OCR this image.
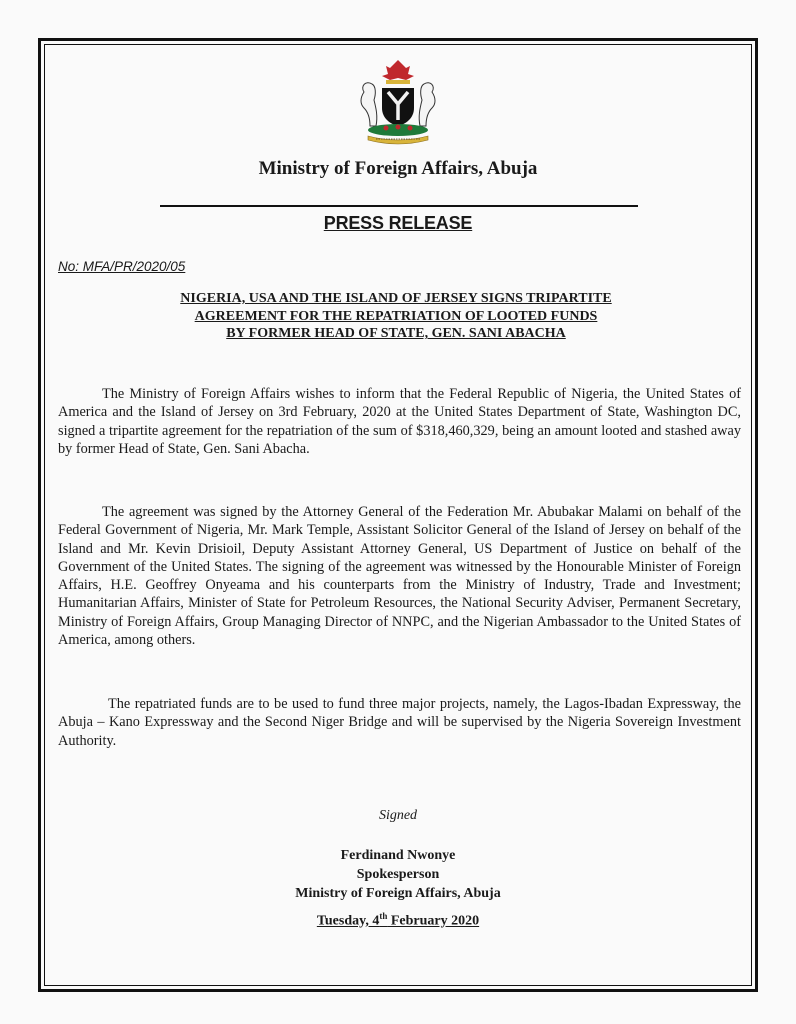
Ministry of Foreign Affairs, Abuja
PRESS RELEASE
No: MFA/PR/2020/05
NIGERIA, USA AND THE ISLAND OF JERSEY SIGNS TRIPARTITE
AGREEMENT FOR THE REPATRIATION OF LOOTED FUNDS
BY FORMER HEAD OF STATE, GEN. SANI ABACHA

The Ministry of Foreign Affairs wishes to inform that the Federal Republic of Nigeria, the United States of America and the Island of Jersey on 3rd February, 2020 at the United States Department of State, Washington DC, signed a tripartite agreement for the repatriation of the sum of $318,460,329, being an amount looted and stashed away by former Head of State, Gen. Sani Abacha.

The agreement was signed by the Attorney General of the Federation Mr. Abubakar Malami on behalf of the Federal Government of Nigeria, Mr. Mark Temple, Assistant Solicitor General of the Island of Jersey on behalf of the Island and Mr. Kevin Drisioil, Deputy Assistant Attorney General, US Department of Justice on behalf of the Government of the United States. The signing of the agreement was witnessed by the Honourable Minister of Foreign Affairs, H.E. Geoffrey Onyeama and his counterparts from the Ministry of Industry, Trade and Investment; Humanitarian Affairs, Minister of State for Petroleum Resources, the National Security Adviser, Permanent Secretary, Ministry of Foreign Affairs, Group Managing Director of NNPC, and the Nigerian Ambassador to the United States of America, among others.

The repatriated funds are to be used to fund three major projects, namely, the Lagos-Ibadan Expressway, the Abuja – Kano Expressway and the Second Niger Bridge and will be supervised by the Nigeria Sovereign Investment Authority.

Signed
Ferdinand Nwonye
Spokesperson
Ministry of Foreign Affairs, Abuja
Tuesday, 4th February 2020
